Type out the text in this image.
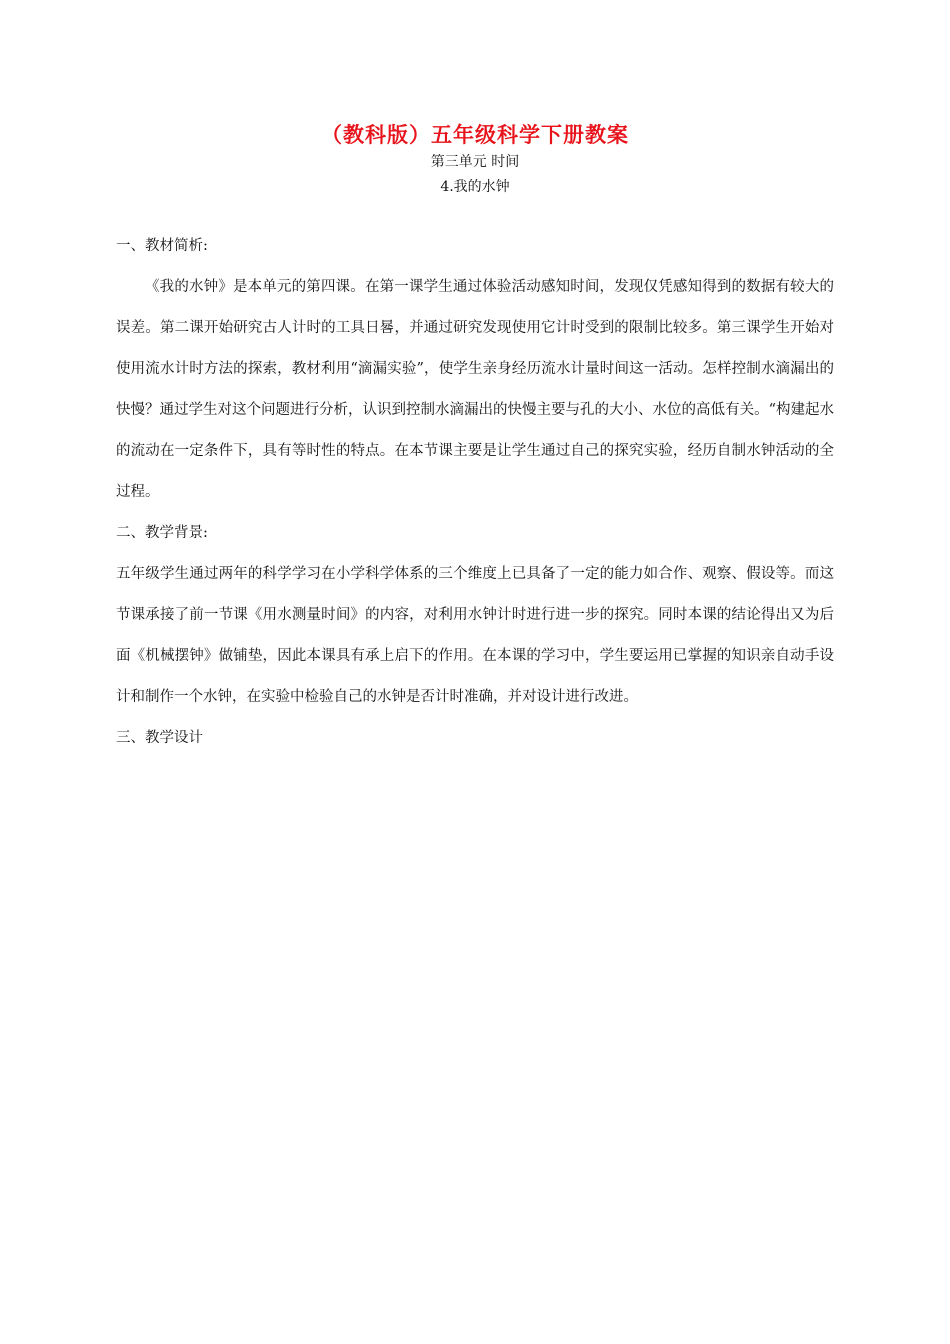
（教科版）五年级科学下册教案
第三单元 时间
4.我的水钟

一、教材简析:

《我的水钟》是本单元的第四课。在第一课学生通过体验活动感知时间，发现仅凭感知得到的数据有较大的误差。第二课开始研究古人计时的工具日晷，并通过研究发现使用它计时受到的限制比较多。第三课学生开始对使用流水计时方法的探索，教材利用“滴漏实验”，使学生亲身经历流水计量时间这一活动。怎样控制水滴漏出的快慢？通过学生对这个问题进行分析，认识到控制水滴漏出的快慢主要与孔的大小、水位的高低有关。“构建起水的流动在一定条件下，具有等时性的特点。在本节课主要是让学生通过自己的探究实验，经历自制水钟活动的全过程。

二、教学背景:

五年级学生通过两年的科学学习在小学科学体系的三个维度上已具备了一定的能力如合作、观察、假设等。而这节课承接了前一节课《用水测量时间》的内容，对利用水钟计时进行进一步的探究。同时本课的结论得出又为后面《机械摆钟》做铺垫，因此本课具有承上启下的作用。在本课的学习中，学生要运用已掌握的知识亲自动手设计和制作一个水钟，在实验中检验自己的水钟是否计时准确，并对设计进行改进。

三、教学设计
